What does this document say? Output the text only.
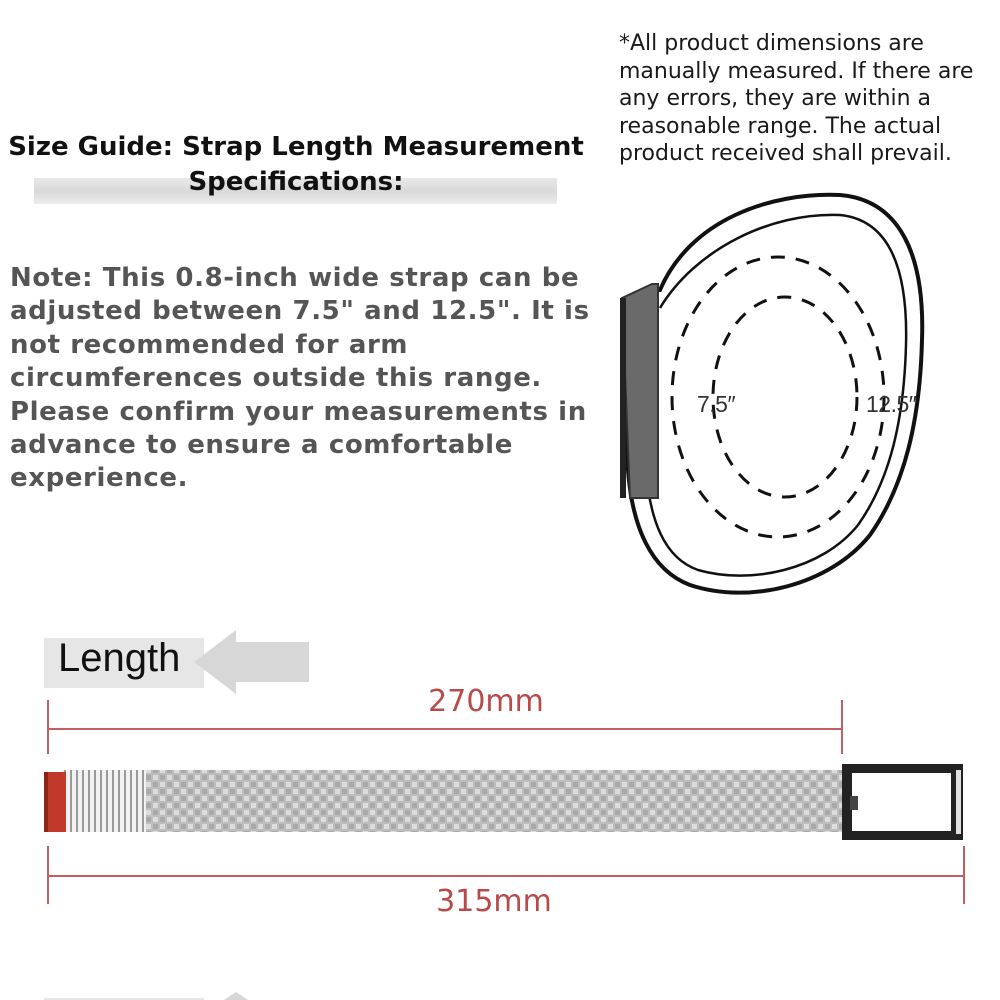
*All product dimensions are manually measured. If there are any errors, they are within a reasonable range. The actual product received shall prevail.
Size Guide: Strap Length Measurement Specifications:
Note: This 0.8-inch wide strap can be adjusted between 7.5" and 12.5". It is not recommended for arm circumferences outside this range. Please confirm your measurements in advance to ensure a comfortable experience.
7.5″	12.5″
Length
270mm
315mm
